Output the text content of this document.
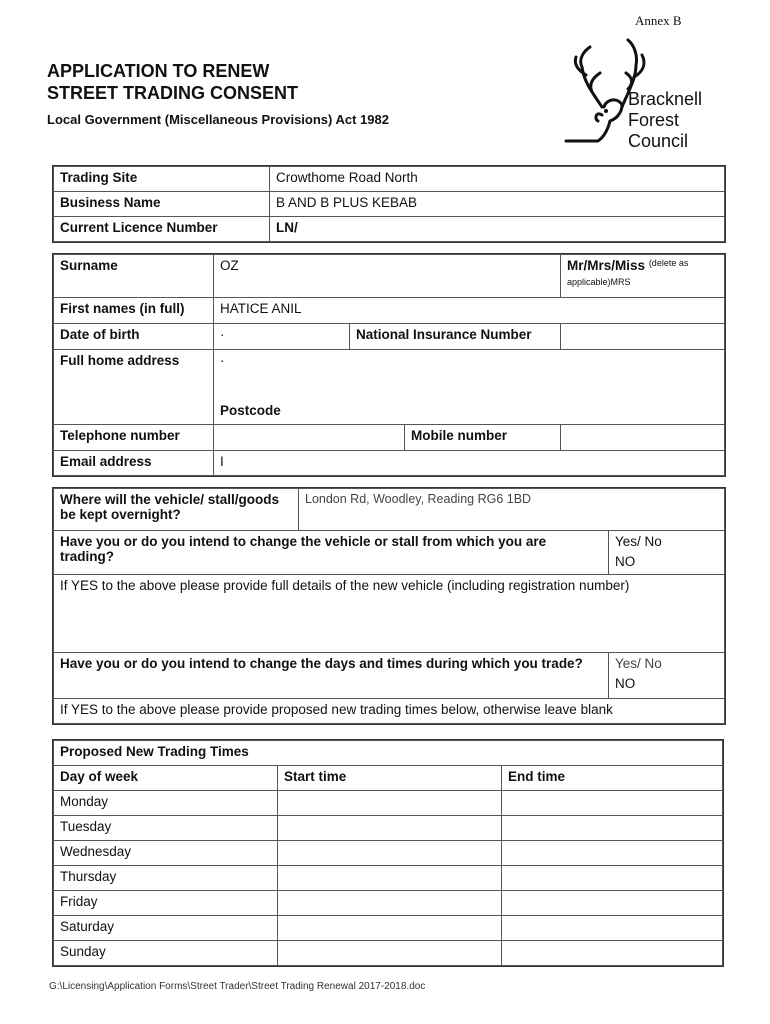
Annex B
APPLICATION TO RENEW
STREET TRADING CONSENT
Local Government (Miscellaneous Provisions) Act 1982
Bracknell
Forest
Council
Trading Site	Crowthome Road North
Business Name	B AND B PLUS KEBAB
Current Licence Number	LN/
Surname	OZ			Mr/Mrs/Miss $^{(delete as}$
applicable)MRS
First names (in full)	HATICE ANIL			
Date of birth	·	National Insurance Number		
Full home address	·
Postcode			

Telephone number			Mobile number	
Email address	I			
Where will the vehicle/ stall/goods be kept overnight?	London Rd, Woodley, Reading RG6 1BD	
Have you or do you intend to change the vehicle or stall from which you are trading?		Yes/ No
NO

If YES to the above please provide full details of the new vehicle (including registration number)		
Have you or do you intend to change the days and times during which you trade?		Yes/ No
NO

If YES to the above please provide proposed new trading times below, otherwise leave blank		
Proposed New Trading Times		
Day of week	Start time	End time
Monday		
Tuesday		
Wednesday		
Thursday		
Friday		
Saturday		
Sunday		
G:\Licensing\Application Forms\Street Trader\Street Trading Renewal 2017-2018.doc
